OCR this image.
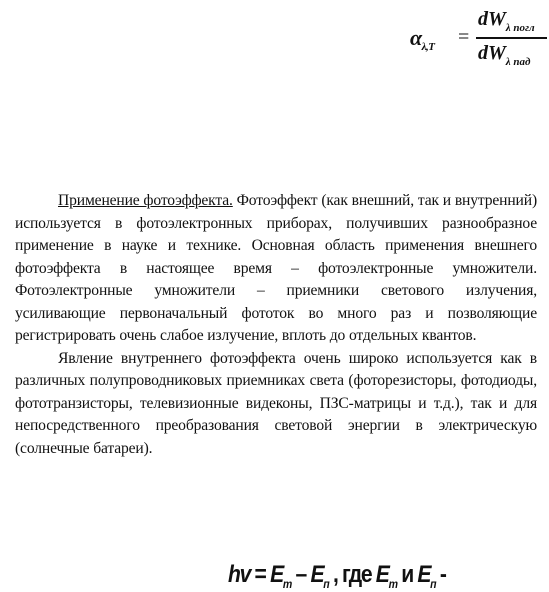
$\alpha_{\lambda,T}$ =
$dW_{\lambda погл}$
$dW_{\lambda пад}$

Применение фотоэффекта. Фотоэффект (как внешний, так и внутренний) используется в фотоэлектронных приборах, получивших разнообразное применение в науке и технике. Основная область применения внешнего фотоэффекта в настоящее время – фотоэлектронные умножители. Фотоэлектронные умножители – приемники светового излучения, усиливающие первоначальный фототок во много раз и позволяющие регистрировать очень слабое излучение, вплоть до отдельных квантов.

Явление внутреннего фотоэффекта очень широко используется как в различных полупроводниковых приемниках света (фоторезисторы, фотодиоды, фототранзисторы, телевизионные видеконы, ПЗС-матрицы и т.д.), так и для непосредственного преобразования световой энергии в электрическую (солнечные батареи).

hv = $E_т - E_п$ , где $E_т$ и $E_п$ -
